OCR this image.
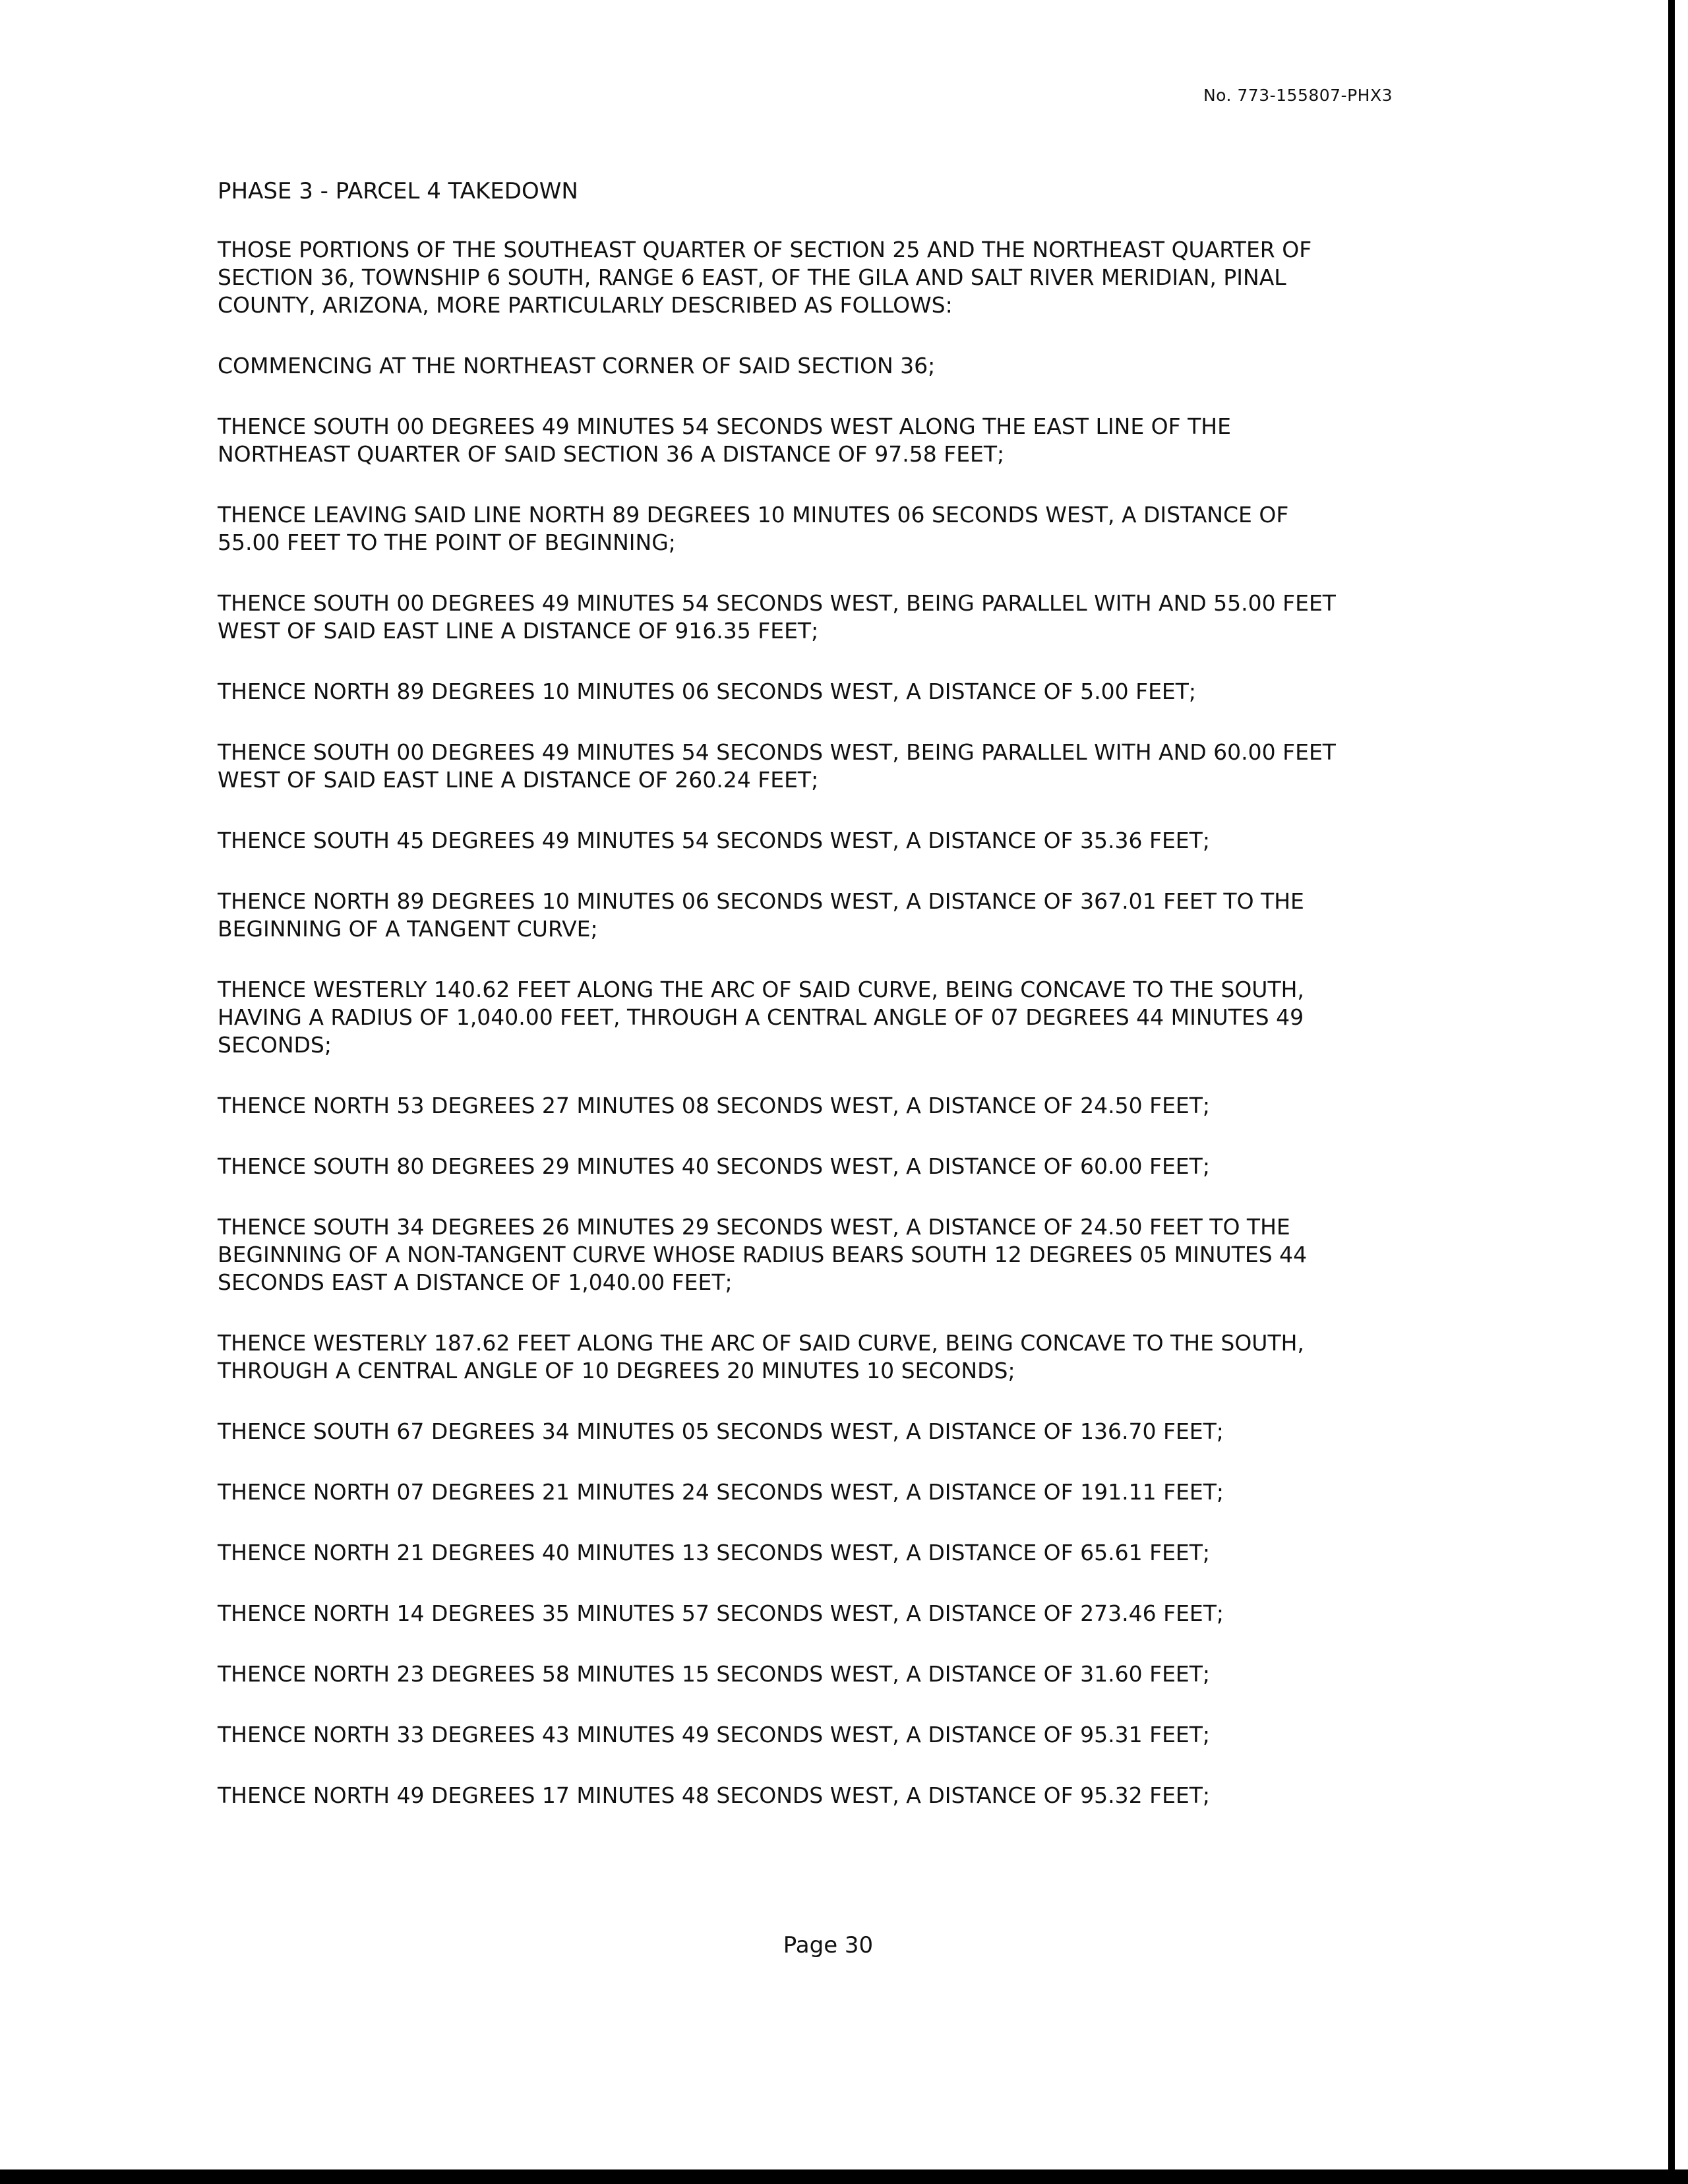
No. 773-155807-PHX3
PHASE 3 - PARCEL 4 TAKEDOWN
THOSE PORTIONS OF THE SOUTHEAST QUARTER OF SECTION 25 AND THE NORTHEAST QUARTER OF
SECTION 36, TOWNSHIP 6 SOUTH, RANGE 6 EAST, OF THE GILA AND SALT RIVER MERIDIAN, PINAL
COUNTY, ARIZONA, MORE PARTICULARLY DESCRIBED AS FOLLOWS:
COMMENCING AT THE NORTHEAST CORNER OF SAID SECTION 36;
THENCE SOUTH 00 DEGREES 49 MINUTES 54 SECONDS WEST ALONG THE EAST LINE OF THE
NORTHEAST QUARTER OF SAID SECTION 36 A DISTANCE OF 97.58 FEET;
THENCE LEAVING SAID LINE NORTH 89 DEGREES 10 MINUTES 06 SECONDS WEST, A DISTANCE OF
55.00 FEET TO THE POINT OF BEGINNING;
THENCE SOUTH 00 DEGREES 49 MINUTES 54 SECONDS WEST, BEING PARALLEL WITH AND 55.00 FEET
WEST OF SAID EAST LINE A DISTANCE OF 916.35 FEET;
THENCE NORTH 89 DEGREES 10 MINUTES 06 SECONDS WEST, A DISTANCE OF 5.00 FEET;
THENCE SOUTH 00 DEGREES 49 MINUTES 54 SECONDS WEST, BEING PARALLEL WITH AND 60.00 FEET
WEST OF SAID EAST LINE A DISTANCE OF 260.24 FEET;
THENCE SOUTH 45 DEGREES 49 MINUTES 54 SECONDS WEST, A DISTANCE OF 35.36 FEET;
THENCE NORTH 89 DEGREES 10 MINUTES 06 SECONDS WEST, A DISTANCE OF 367.01 FEET TO THE
BEGINNING OF A TANGENT CURVE;
THENCE WESTERLY 140.62 FEET ALONG THE ARC OF SAID CURVE, BEING CONCAVE TO THE SOUTH,
HAVING A RADIUS OF 1,040.00 FEET, THROUGH A CENTRAL ANGLE OF 07 DEGREES 44 MINUTES 49
SECONDS;
THENCE NORTH 53 DEGREES 27 MINUTES 08 SECONDS WEST, A DISTANCE OF 24.50 FEET;
THENCE SOUTH 80 DEGREES 29 MINUTES 40 SECONDS WEST, A DISTANCE OF 60.00 FEET;
THENCE SOUTH 34 DEGREES 26 MINUTES 29 SECONDS WEST, A DISTANCE OF 24.50 FEET TO THE
BEGINNING OF A NON-TANGENT CURVE WHOSE RADIUS BEARS SOUTH 12 DEGREES 05 MINUTES 44
SECONDS EAST A DISTANCE OF 1,040.00 FEET;
THENCE WESTERLY 187.62 FEET ALONG THE ARC OF SAID CURVE, BEING CONCAVE TO THE SOUTH,
THROUGH A CENTRAL ANGLE OF 10 DEGREES 20 MINUTES 10 SECONDS;
THENCE SOUTH 67 DEGREES 34 MINUTES 05 SECONDS WEST, A DISTANCE OF 136.70 FEET;
THENCE NORTH 07 DEGREES 21 MINUTES 24 SECONDS WEST, A DISTANCE OF 191.11 FEET;
THENCE NORTH 21 DEGREES 40 MINUTES 13 SECONDS WEST, A DISTANCE OF 65.61 FEET;
THENCE NORTH 14 DEGREES 35 MINUTES 57 SECONDS WEST, A DISTANCE OF 273.46 FEET;
THENCE NORTH 23 DEGREES 58 MINUTES 15 SECONDS WEST, A DISTANCE OF 31.60 FEET;
THENCE NORTH 33 DEGREES 43 MINUTES 49 SECONDS WEST, A DISTANCE OF 95.31 FEET;
THENCE NORTH 49 DEGREES 17 MINUTES 48 SECONDS WEST, A DISTANCE OF 95.32 FEET;
Page 30
